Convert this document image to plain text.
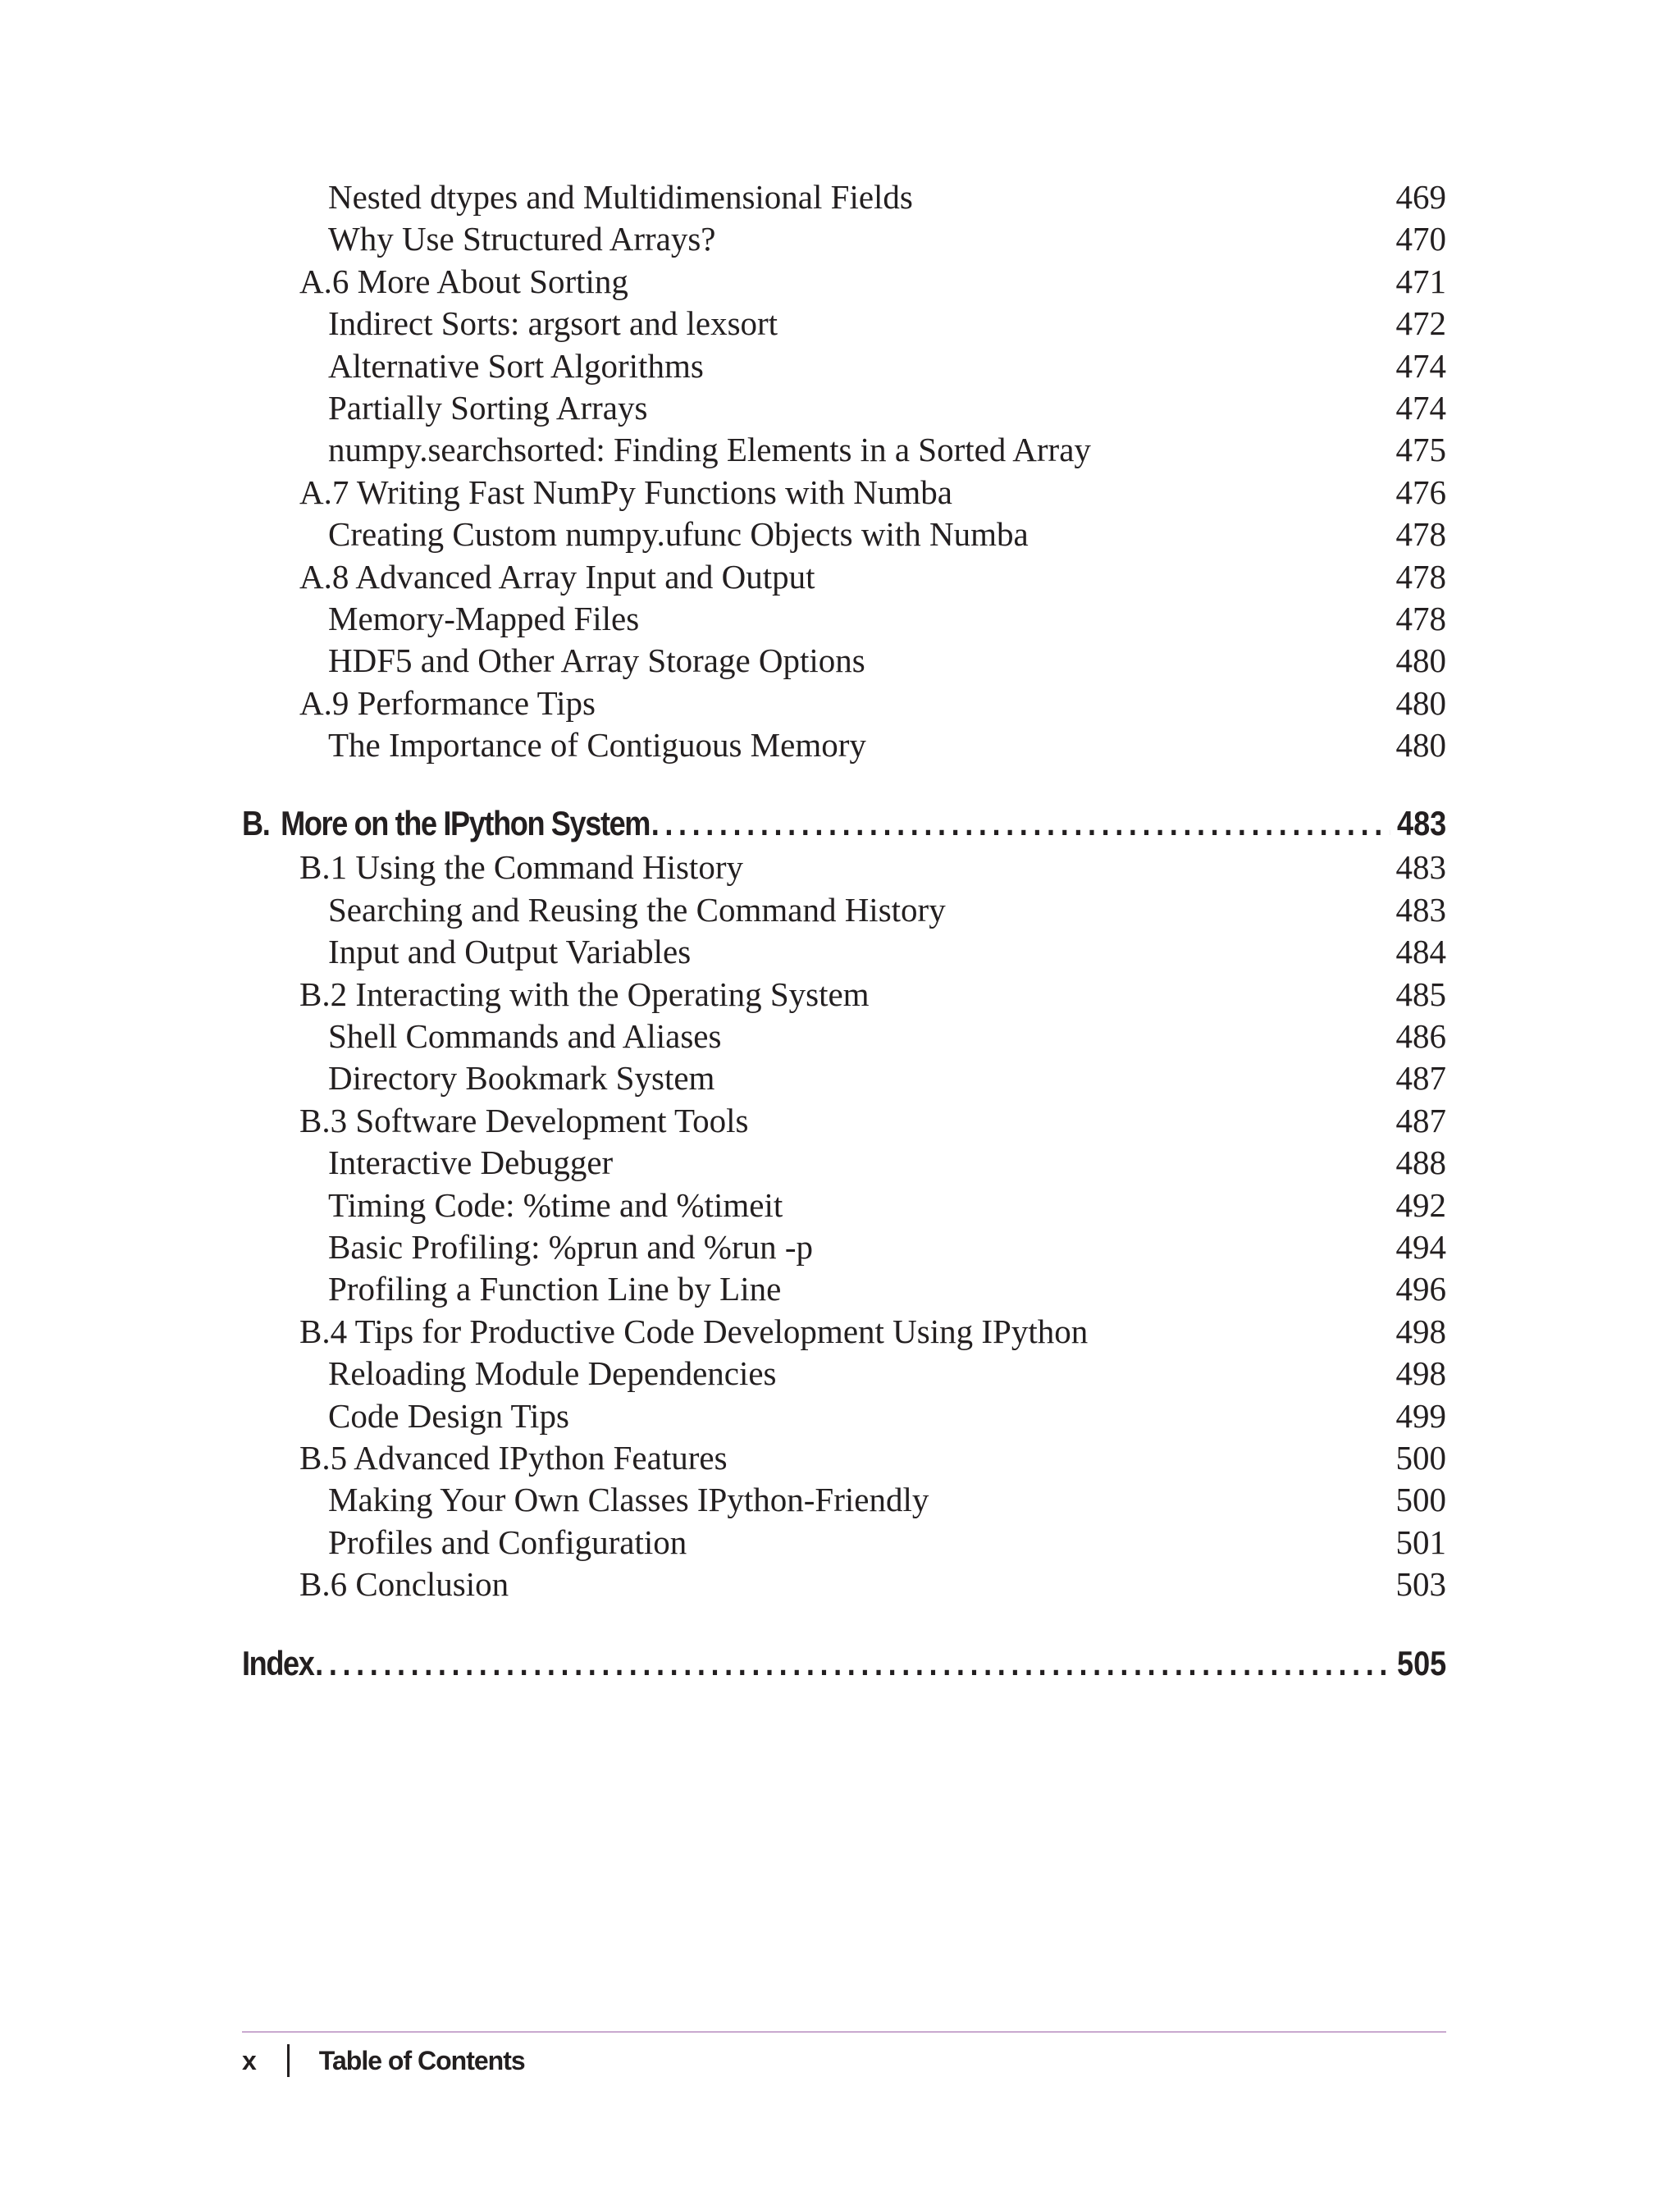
Nested dtypes and Multidimensional Fields	469
Why Use Structured Arrays?	470
A.6 More About Sorting	471
Indirect Sorts: argsort and lexsort	472
Alternative Sort Algorithms	474
Partially Sorting Arrays	474
numpy.searchsorted: Finding Elements in a Sorted Array	475
A.7 Writing Fast NumPy Functions with Numba	476
Creating Custom numpy.ufunc Objects with Numba	478
A.8 Advanced Array Input and Output	478
Memory-Mapped Files	478
HDF5 and Other Array Storage Options	480
A.9 Performance Tips	480
The Importance of Contiguous Memory	480
B. More on the IPython System . . .	483
B.1 Using the Command History	483
Searching and Reusing the Command History	483
Input and Output Variables	484
B.2 Interacting with the Operating System	485
Shell Commands and Aliases	486
Directory Bookmark System	487
B.3 Software Development Tools	487
Interactive Debugger	488
Timing Code: %time and %timeit	492
Basic Profiling: %prun and %run -p	494
Profiling a Function Line by Line	496
B.4 Tips for Productive Code Development Using IPython	498
Reloading Module Dependencies	498
Code Design Tips	499
B.5 Advanced IPython Features	500
Making Your Own Classes IPython-Friendly	500
Profiles and Configuration	501
B.6 Conclusion	503
Index . . .	505
x Table of Contents
